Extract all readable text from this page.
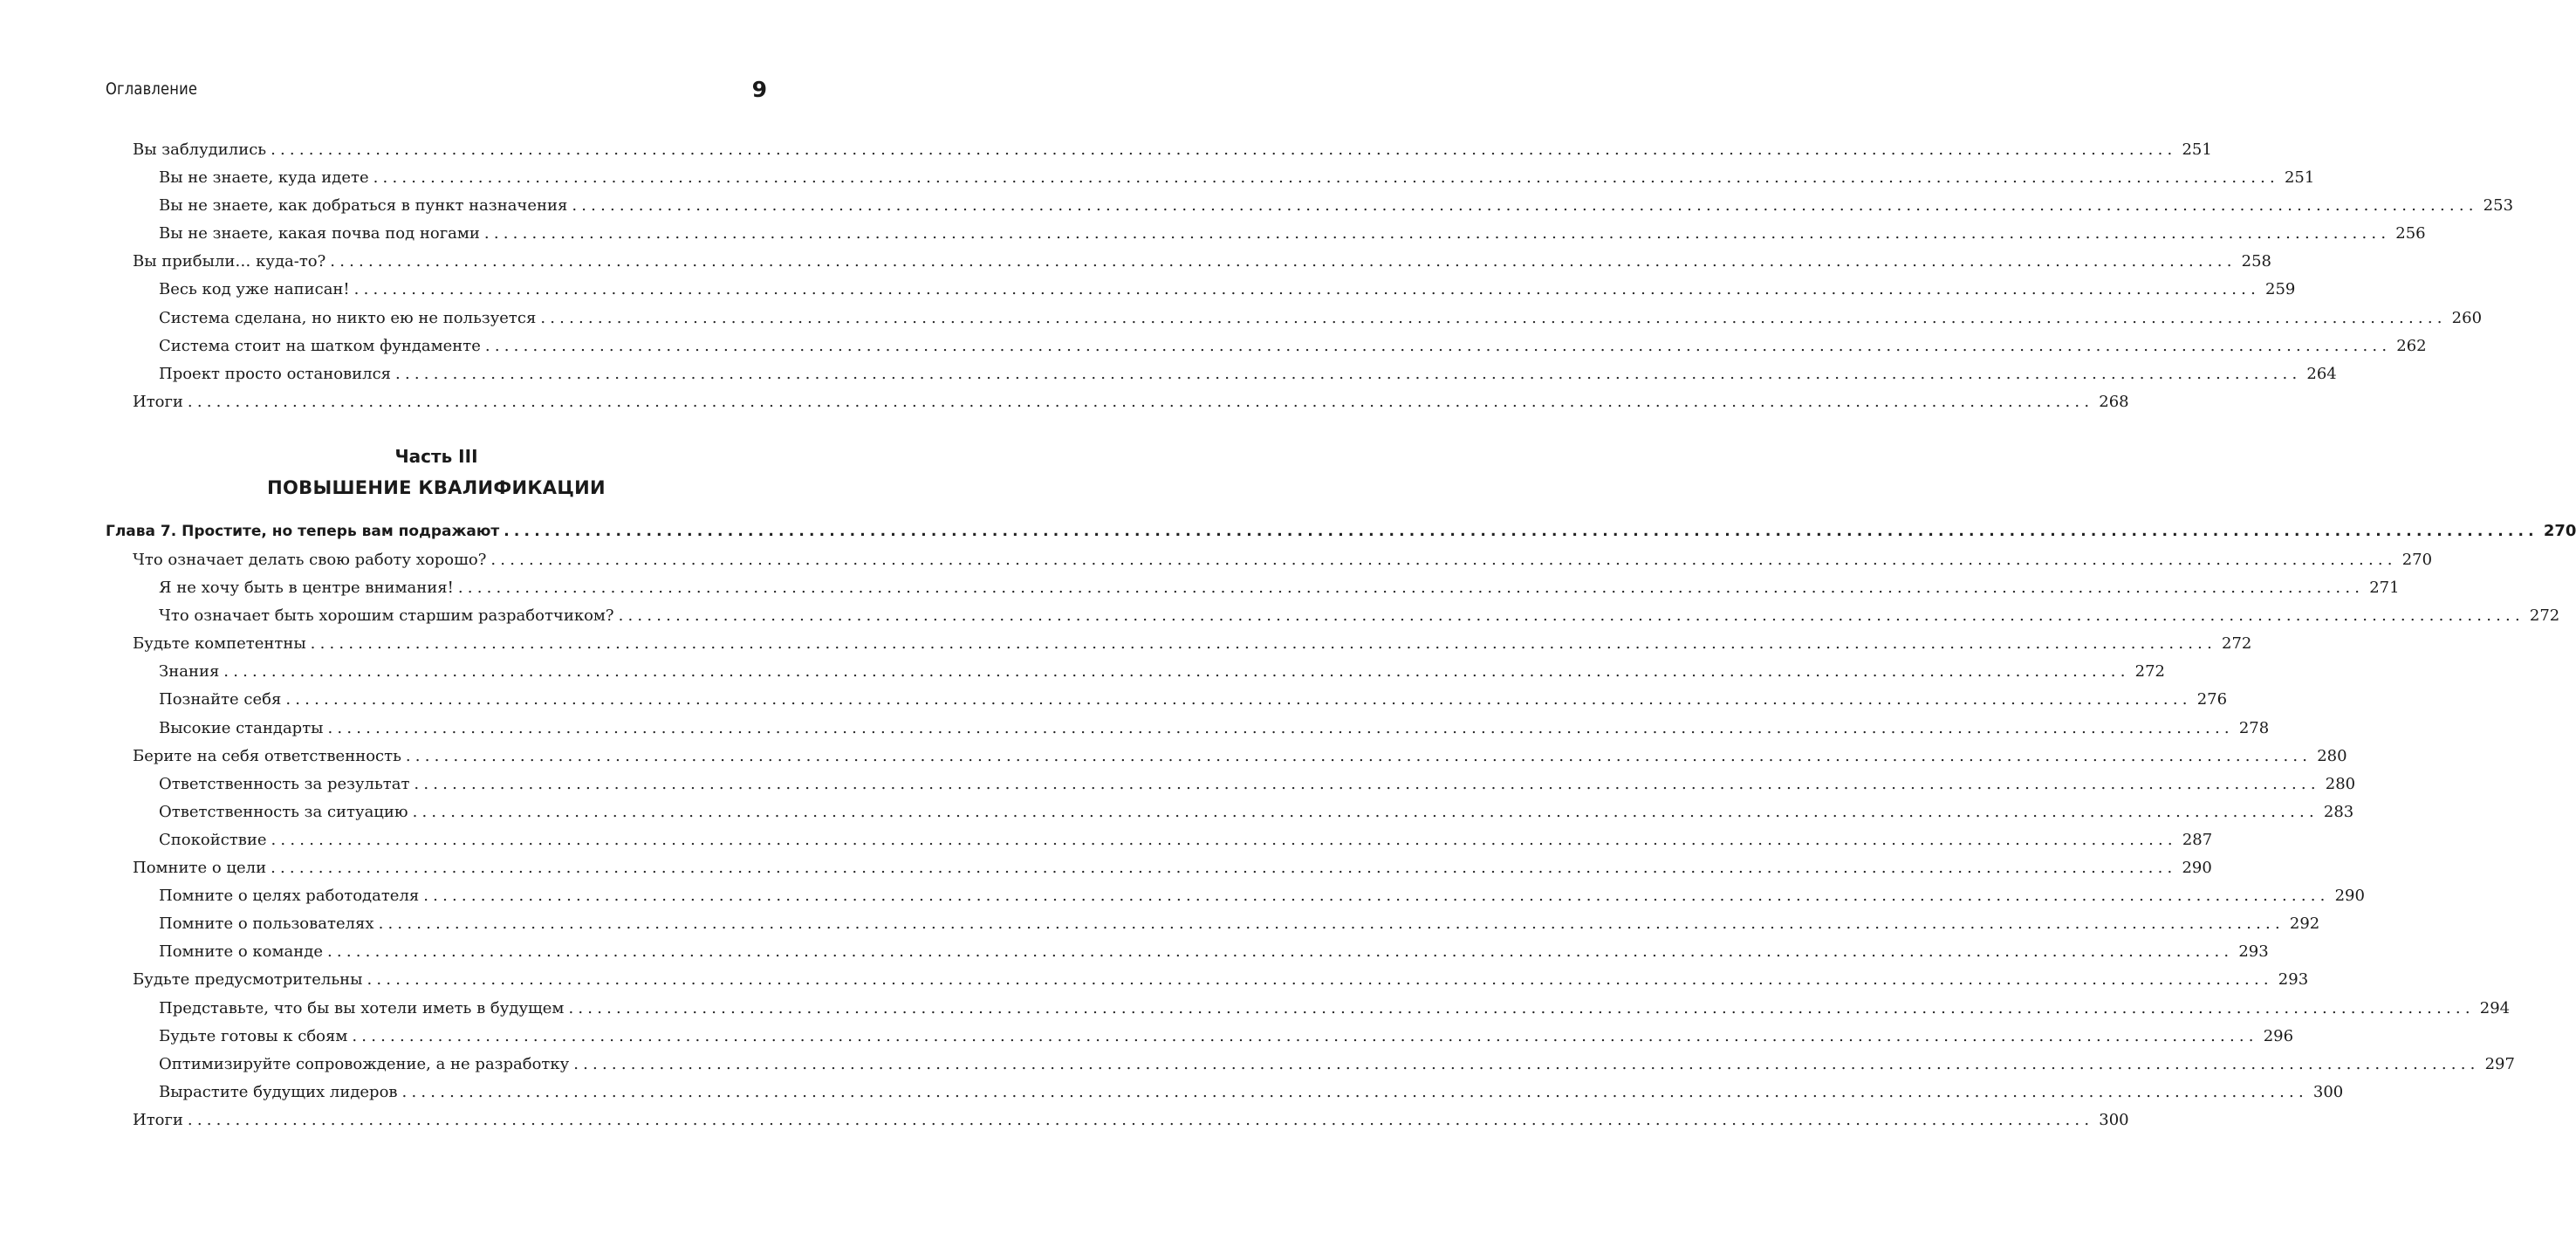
Оглавление	9
Вы заблудились ........................................................................................................................................................................................................ 251
Вы не знаете, куда идете ........................................................................................................................................................................................................ 251
Вы не знаете, как добраться в пункт назначения ........................................................................................................................................................................................................ 253
Вы не знаете, какая почва под ногами ........................................................................................................................................................................................................ 256
Вы прибыли… куда-то? ........................................................................................................................................................................................................ 258
Весь код уже написан! ........................................................................................................................................................................................................ 259
Система сделана, но никто ею не пользуется ........................................................................................................................................................................................................ 260
Система стоит на шатком фундаменте ........................................................................................................................................................................................................ 262
Проект просто остановился ........................................................................................................................................................................................................ 264
Итоги ........................................................................................................................................................................................................ 268
Часть III
ПОВЫШЕНИЕ КВАЛИФИКАЦИИ
Глава 7. Простите, но теперь вам подражают ........................................................................................................................................................................................................ 270
Что означает делать свою работу хорошо? ........................................................................................................................................................................................................ 270
Я не хочу быть в центре внимания! ........................................................................................................................................................................................................ 271
Что означает быть хорошим старшим разработчиком? ........................................................................................................................................................................................................ 272
Будьте компетентны ........................................................................................................................................................................................................ 272
Знания ........................................................................................................................................................................................................ 272
Познайте себя ........................................................................................................................................................................................................ 276
Высокие стандарты ........................................................................................................................................................................................................ 278
Берите на себя ответственность ........................................................................................................................................................................................................ 280
Ответственность за результат ........................................................................................................................................................................................................ 280
Ответственность за ситуацию ........................................................................................................................................................................................................ 283
Спокойствие ........................................................................................................................................................................................................ 287
Помните о цели ........................................................................................................................................................................................................ 290
Помните о целях работодателя ........................................................................................................................................................................................................ 290
Помните о пользователях ........................................................................................................................................................................................................ 292
Помните о команде ........................................................................................................................................................................................................ 293
Будьте предусмотрительны ........................................................................................................................................................................................................ 293
Представьте, что бы вы хотели иметь в будущем ........................................................................................................................................................................................................ 294
Будьте готовы к сбоям ........................................................................................................................................................................................................ 296
Оптимизируйте сопровождение, а не разработку ........................................................................................................................................................................................................ 297
Вырастите будущих лидеров ........................................................................................................................................................................................................ 300
Итоги ........................................................................................................................................................................................................ 300
